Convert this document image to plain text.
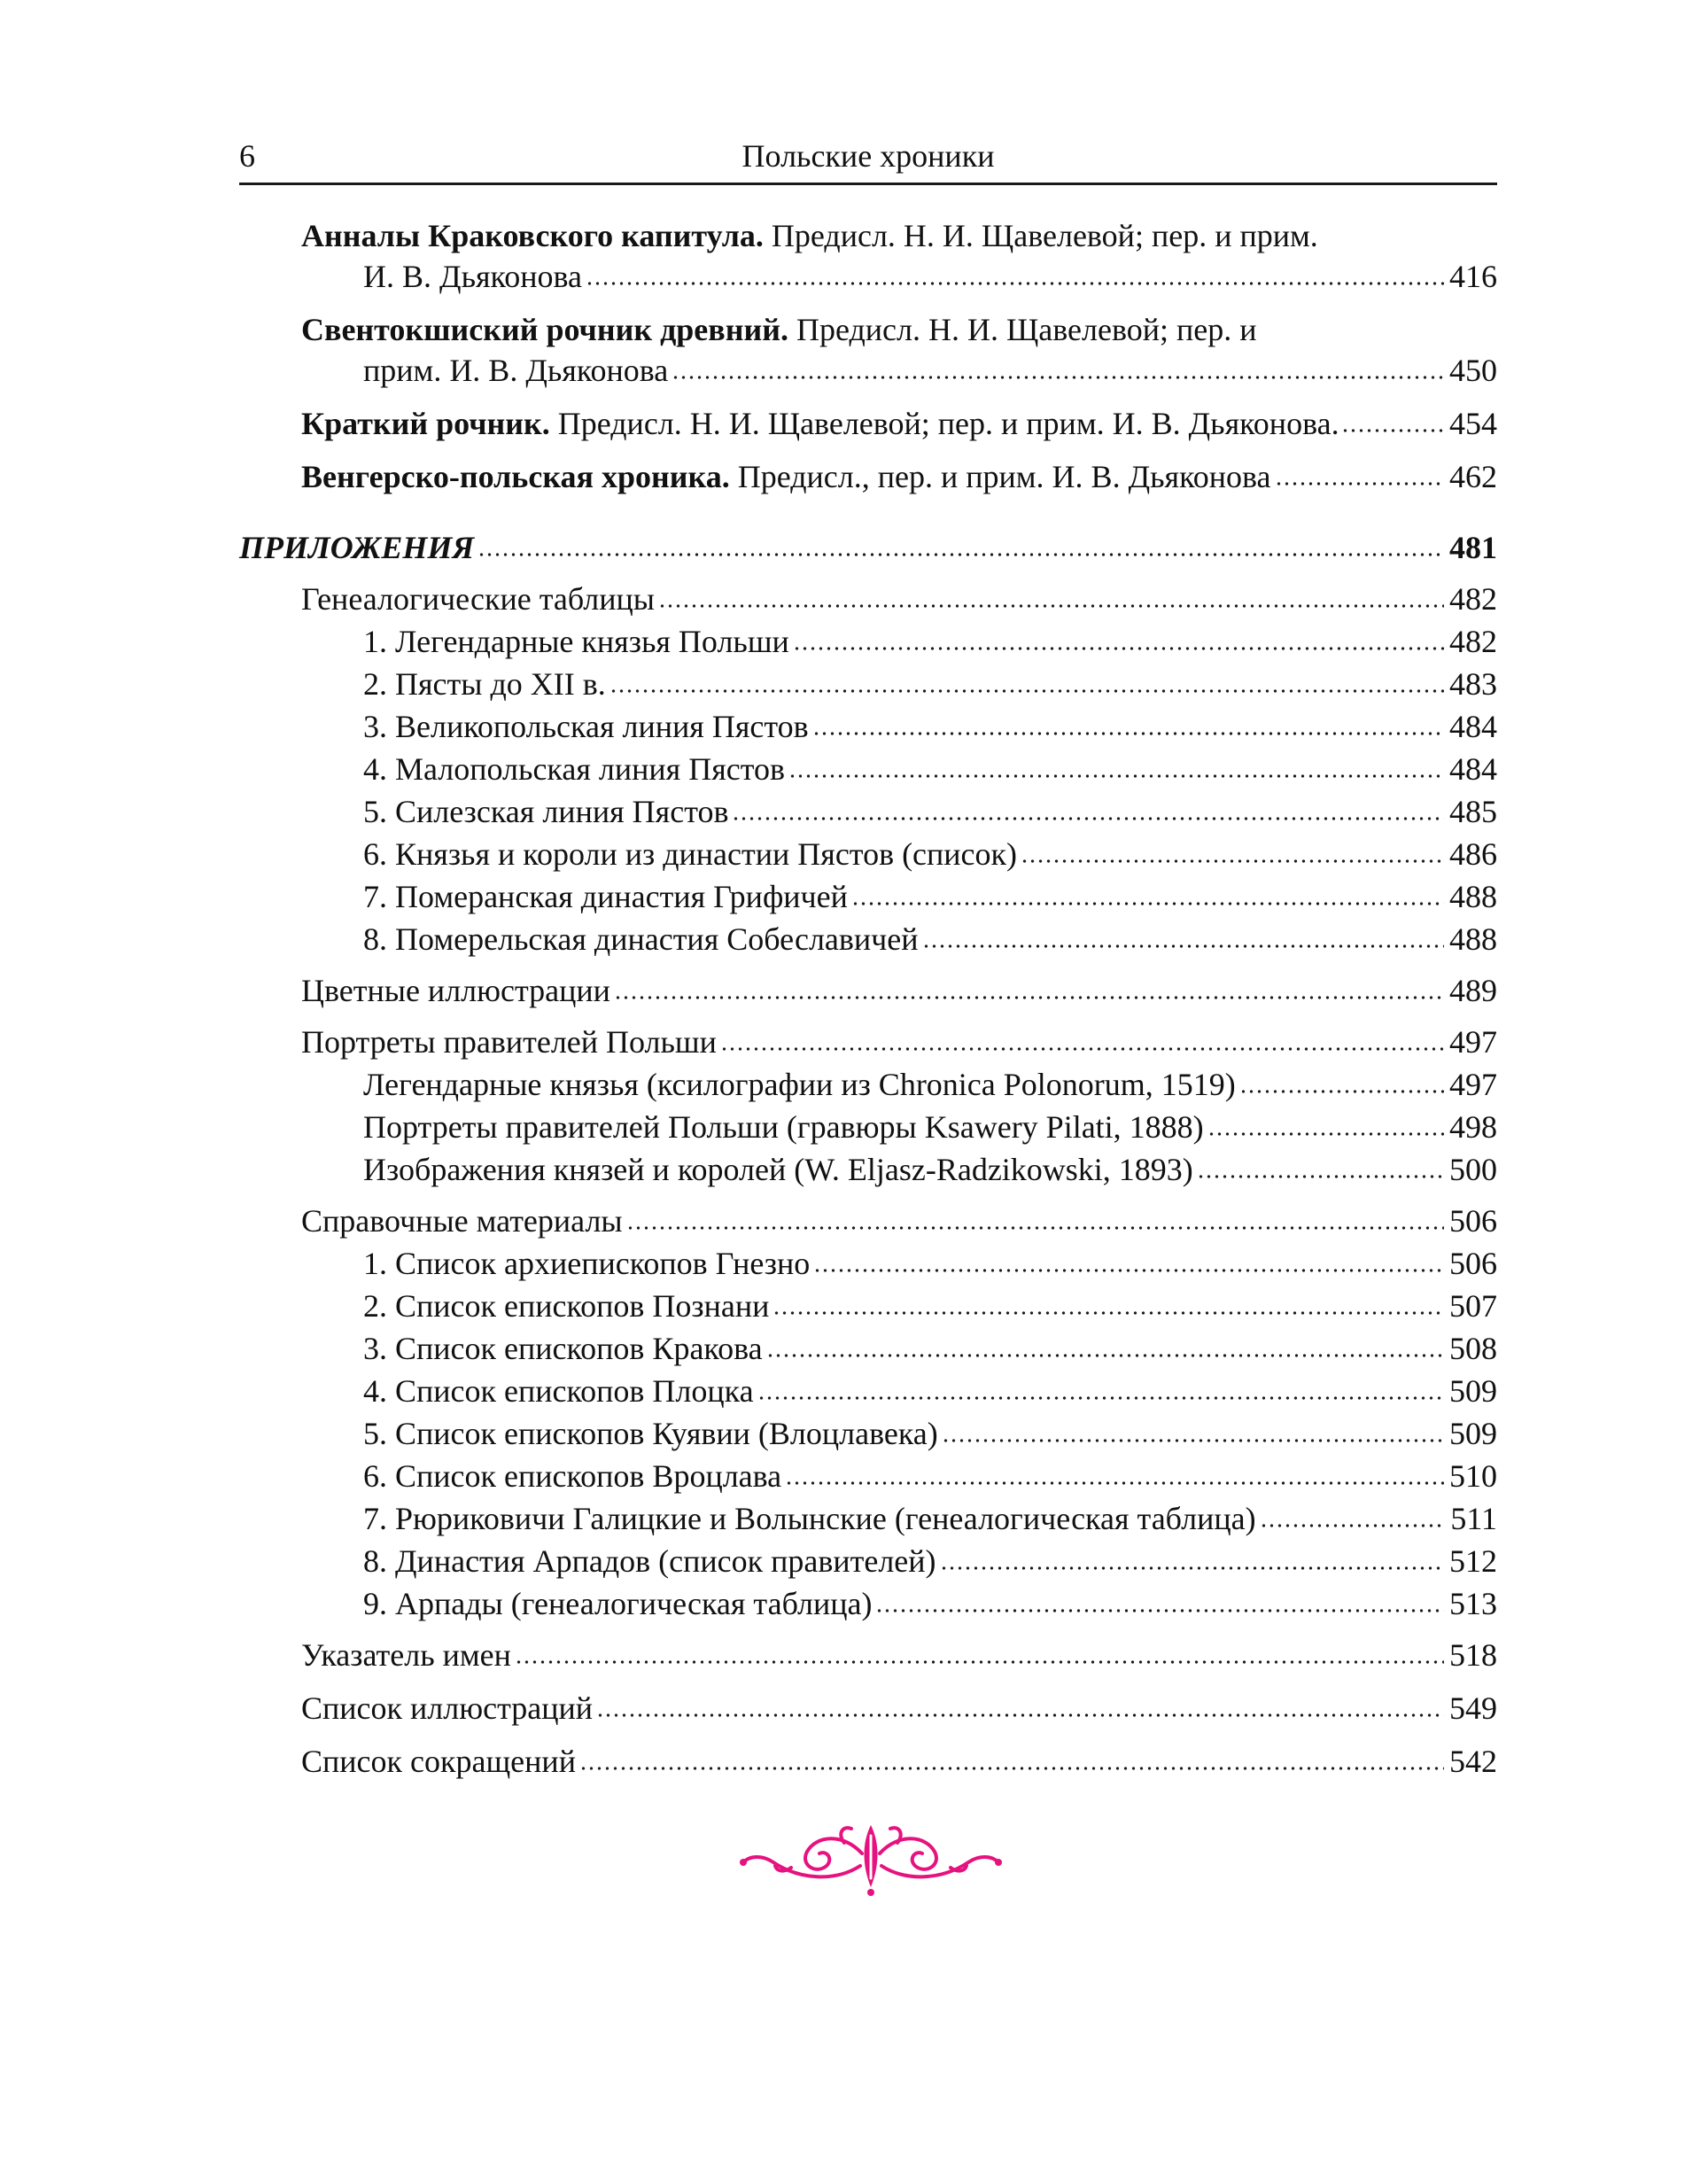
6	Польские хроники
Анналы Краковского капитула. Предисл. Н. И. Щавелевой; пер. и прим.
И. В. Дьяконова	416
Свентокшиский рочник древний. Предисл. Н. И. Щавелевой; пер. и
прим. И. В. Дьяконова	450
Краткий рочник. Предисл. Н. И. Щавелевой; пер. и прим. И. В. Дьяконова.	454
Венгерско-польская хроника. Предисл., пер. и прим. И. В. Дьяконова	462
ПРИЛОЖЕНИЯ	481
Генеалогические таблицы	482
1. Легендарные князья Польши	482
2. Пясты до XII в.	483
3. Великопольская линия Пястов	484
4. Малопольская линия Пястов	484
5. Силезская линия Пястов	485
6. Князья и короли из династии Пястов (список)	486
7. Померанская династия Грифичей	488
8. Померельская династия Собеславичей	488
Цветные иллюстрации	489
Портреты правителей Польши	497
Легендарные князья (ксилографии из Chronica Polonorum, 1519)	497
Портреты правителей Польши (гравюры Ksawery Pilati, 1888)	498
Изображения князей и королей (W. Eljasz-Radzikowski, 1893)	500
Справочные материалы	506
1. Список архиепископов Гнезно	506
2. Список епископов Познани	507
3. Список епископов Кракова	508
4. Список епископов Плоцка	509
5. Список епископов Куявии (Влоцлавека)	509
6. Список епископов Вроцлава	510
7. Рюриковичи Галицкие и Волынские (генеалогическая таблица)	511
8. Династия Арпадов (список правителей)	512
9. Арпады (генеалогическая таблица)	513
Указатель имен	518
Список иллюстраций	549
Список сокращений	542
